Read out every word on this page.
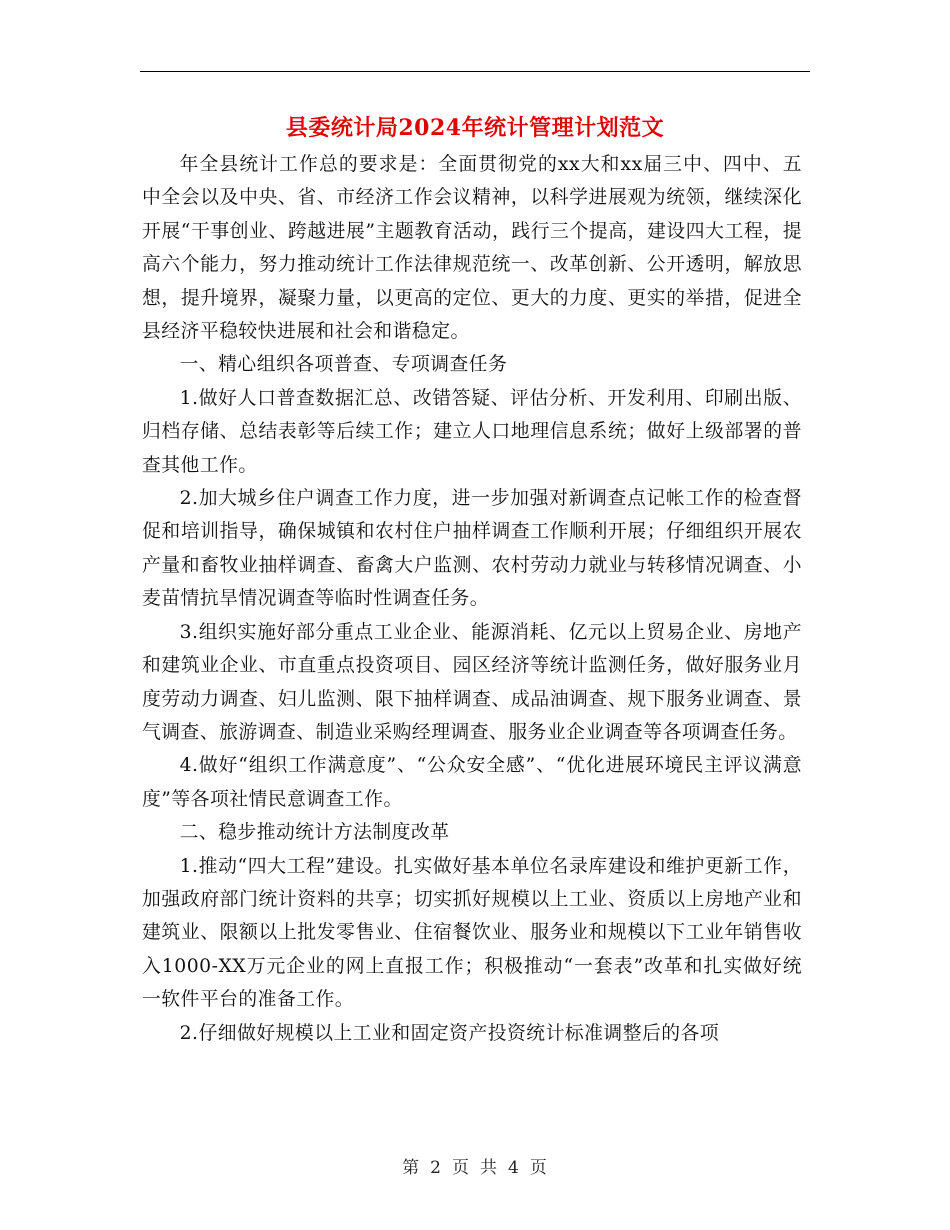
县委统计局2024年统计管理计划范文

年全县统计工作总的要求是：全面贯彻党的xx大和xx届三中、四中、五中全会以及中央、省、市经济工作会议精神，以科学进展观为统领，继续深化开展“干事创业、跨越进展”主题教育活动，践行三个提高，建设四大工程，提高六个能力，努力推动统计工作法律规范统一、改革创新、公开透明，解放思想，提升境界，凝聚力量，以更高的定位、更大的力度、更实的举措，促进全县经济平稳较快进展和社会和谐稳定。

一、精心组织各项普查、专项调查任务

1.做好人口普查数据汇总、改错答疑、评估分析、开发利用、印刷出版、归档存储、总结表彰等后续工作；建立人口地理信息系统；做好上级部署的普查其他工作。

2.加大城乡住户调查工作力度，进一步加强对新调查点记帐工作的检查督促和培训指导，确保城镇和农村住户抽样调查工作顺利开展；仔细组织开展农产量和畜牧业抽样调查、畜禽大户监测、农村劳动力就业与转移情况调查、小麦苗情抗旱情况调查等临时性调查任务。

3.组织实施好部分重点工业企业、能源消耗、亿元以上贸易企业、房地产和建筑业企业、市直重点投资项目、园区经济等统计监测任务，做好服务业月度劳动力调查、妇儿监测、限下抽样调查、成品油调查、规下服务业调查、景气调查、旅游调查、制造业采购经理调查、服务业企业调查等各项调查任务。

4.做好“组织工作满意度”、“公众安全感”、“优化进展环境民主评议满意度”等各项社情民意调查工作。

二、稳步推动统计方法制度改革

1.推动“四大工程”建设。扎实做好基本单位名录库建设和维护更新工作，加强政府部门统计资料的共享；切实抓好规模以上工业、资质以上房地产业和建筑业、限额以上批发零售业、住宿餐饮业、服务业和规模以下工业年销售收入1000-XX万元企业的网上直报工作；积极推动“一套表”改革和扎实做好统一软件平台的准备工作。

2.仔细做好规模以上工业和固定资产投资统计标准调整后的各项

第 2 页 共 4 页
